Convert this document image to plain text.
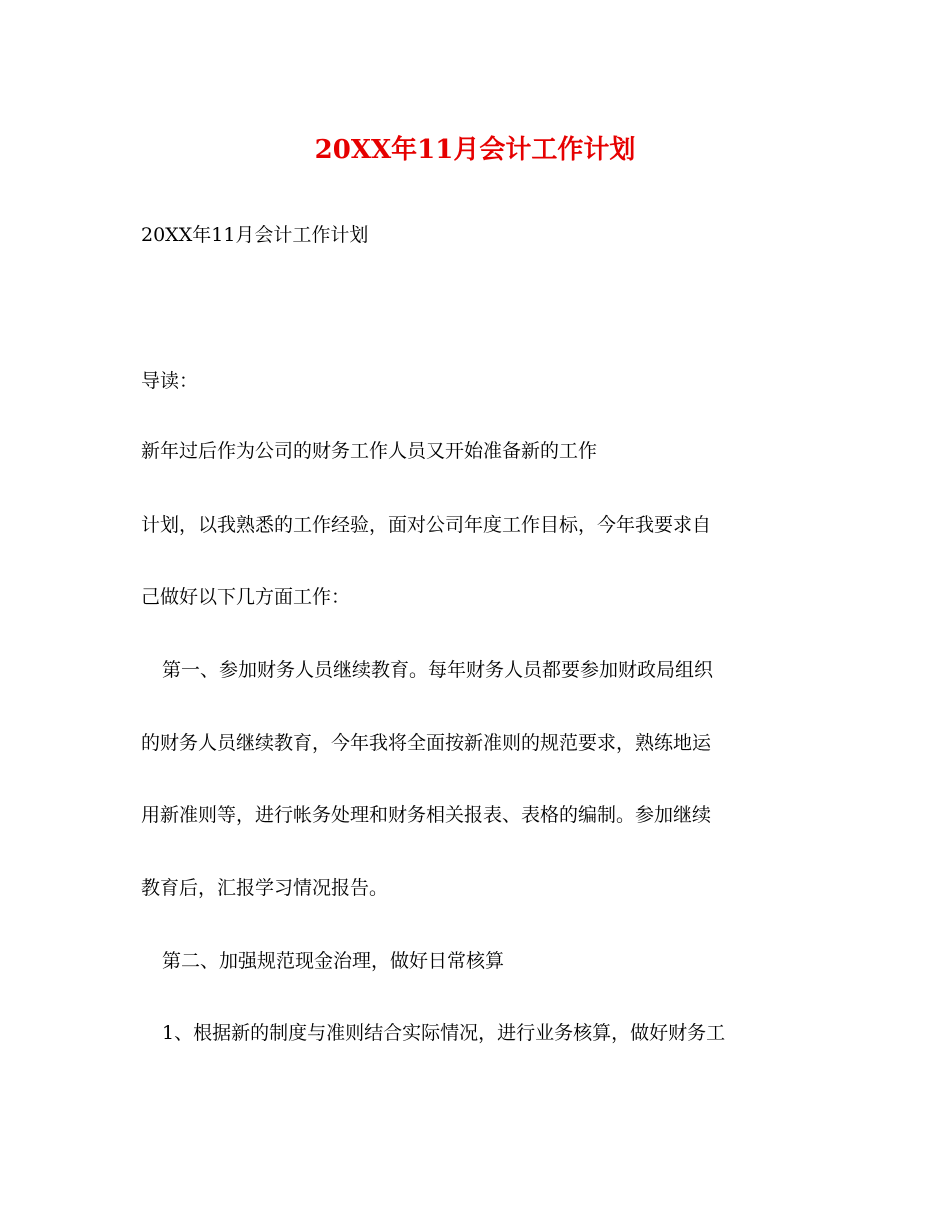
20XX年11月会计工作计划

20XX年11月会计工作计划

导读：

新年过后作为公司的财务工作人员又开始准备新的工作

计划，以我熟悉的工作经验，面对公司年度工作目标，今年我要求自

己做好以下几方面工作：

第一、参加财务人员继续教育。每年财务人员都要参加财政局组织

的财务人员继续教育，今年我将全面按新准则的规范要求，熟练地运

用新准则等，进行帐务处理和财务相关报表、表格的编制。参加继续

教育后，汇报学习情况报告。

第二、加强规范现金治理，做好日常核算

1、根据新的制度与准则结合实际情况，进行业务核算，做好财务工
